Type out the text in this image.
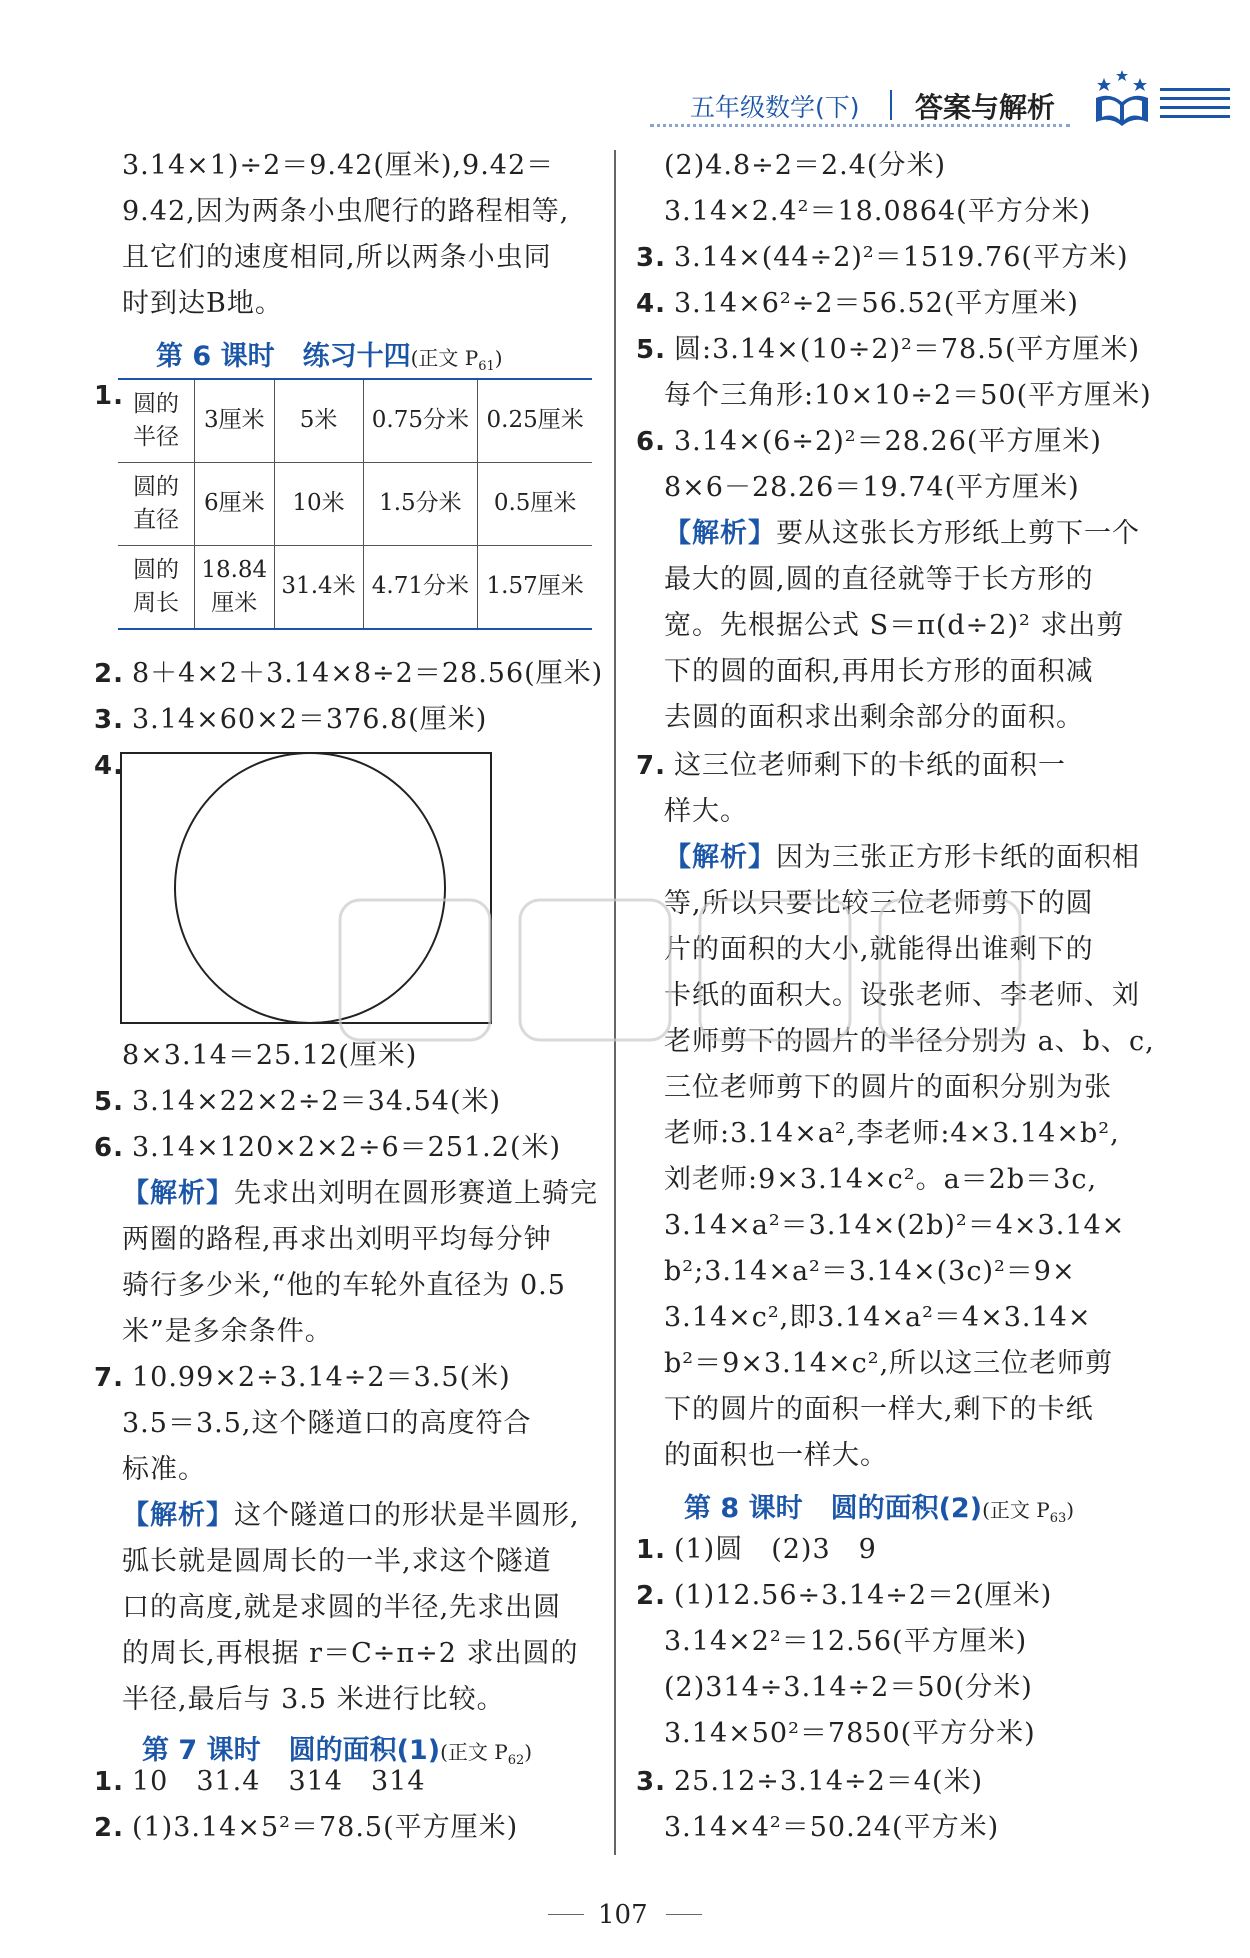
五年级数学(下) 答案与解析
3.14×1)÷2＝9.42(厘米),9.42＝
9.42,因为两条小虫爬行的路程相等,
且它们的速度相同,所以两条小虫同
时到达B地。
第 6 课时 练习十四(正文 $P_{61}$)
1. 圆的
半径	3厘米	5米	0.75分米	0.25厘米
圆的
直径	6厘米	10米	1.5分米	0.5厘米
圆的
周长	18.84
厘米	31.4米	4.71分米	1.57厘米
2. 8＋4×2＋3.14×8÷2＝28.56(厘米)
3. 3.14×60×2＝376.8(厘米)
4.
8×3.14＝25.12(厘米)
5. 3.14×22×2÷2＝34.54(米)
6. 3.14×120×2×2÷6＝251.2(米)
【解析】先求出刘明在圆形赛道上骑完
两圈的路程,再求出刘明平均每分钟
骑行多少米,“他的车轮外直径为 0.5
米”是多余条件。
7. 10.99×2÷3.14÷2＝3.5(米)
3.5＝3.5,这个隧道口的高度符合
标准。
【解析】这个隧道口的形状是半圆形,
弧长就是圆周长的一半,求这个隧道
口的高度,就是求圆的半径,先求出圆
的周长,再根据 r＝C÷π÷2 求出圆的
半径,最后与 3.5 米进行比较。
第 7 课时 圆的面积(1)(正文 $P_{62}$)
1. 10　31.4　314　314
2. (1)3.14×5²＝78.5(平方厘米)
(2)4.8÷2＝2.4(分米)
3.14×2.4²＝18.0864(平方分米)
3. 3.14×(44÷2)²＝1519.76(平方米)
4. 3.14×6²÷2＝56.52(平方厘米)
5. 圆:3.14×(10÷2)²＝78.5(平方厘米)
每个三角形:10×10÷2＝50(平方厘米)
6. 3.14×(6÷2)²＝28.26(平方厘米)
8×6－28.26＝19.74(平方厘米)
【解析】要从这张长方形纸上剪下一个
最大的圆,圆的直径就等于长方形的
宽。先根据公式 S＝π(d÷2)² 求出剪
下的圆的面积,再用长方形的面积减
去圆的面积求出剩余部分的面积。
7. 这三位老师剩下的卡纸的面积一
样大。
【解析】因为三张正方形卡纸的面积相
等,所以只要比较三位老师剪下的圆
片的面积的大小,就能得出谁剩下的
卡纸的面积大。设张老师、李老师、刘
老师剪下的圆片的半径分别为 a、b、c,
三位老师剪下的圆片的面积分别为张
老师:3.14×a²,李老师:4×3.14×b²,
刘老师:9×3.14×c²。a＝2b＝3c,
3.14×a²＝3.14×(2b)²＝4×3.14×
b²;3.14×a²＝3.14×(3c)²＝9×
3.14×c²,即3.14×a²＝4×3.14×
b²＝9×3.14×c²,所以这三位老师剪
下的圆片的面积一样大,剩下的卡纸
的面积也一样大。
第 8 课时 圆的面积(2)(正文 $P_{63}$)
1. (1)圆　(2)3　9
2. (1)12.56÷3.14÷2＝2(厘米)
3.14×2²＝12.56(平方厘米)
(2)314÷3.14÷2＝50(分米)
3.14×50²＝7850(平方分米)
3. 25.12÷3.14÷2＝4(米)
3.14×4²＝50.24(平方米)
107
